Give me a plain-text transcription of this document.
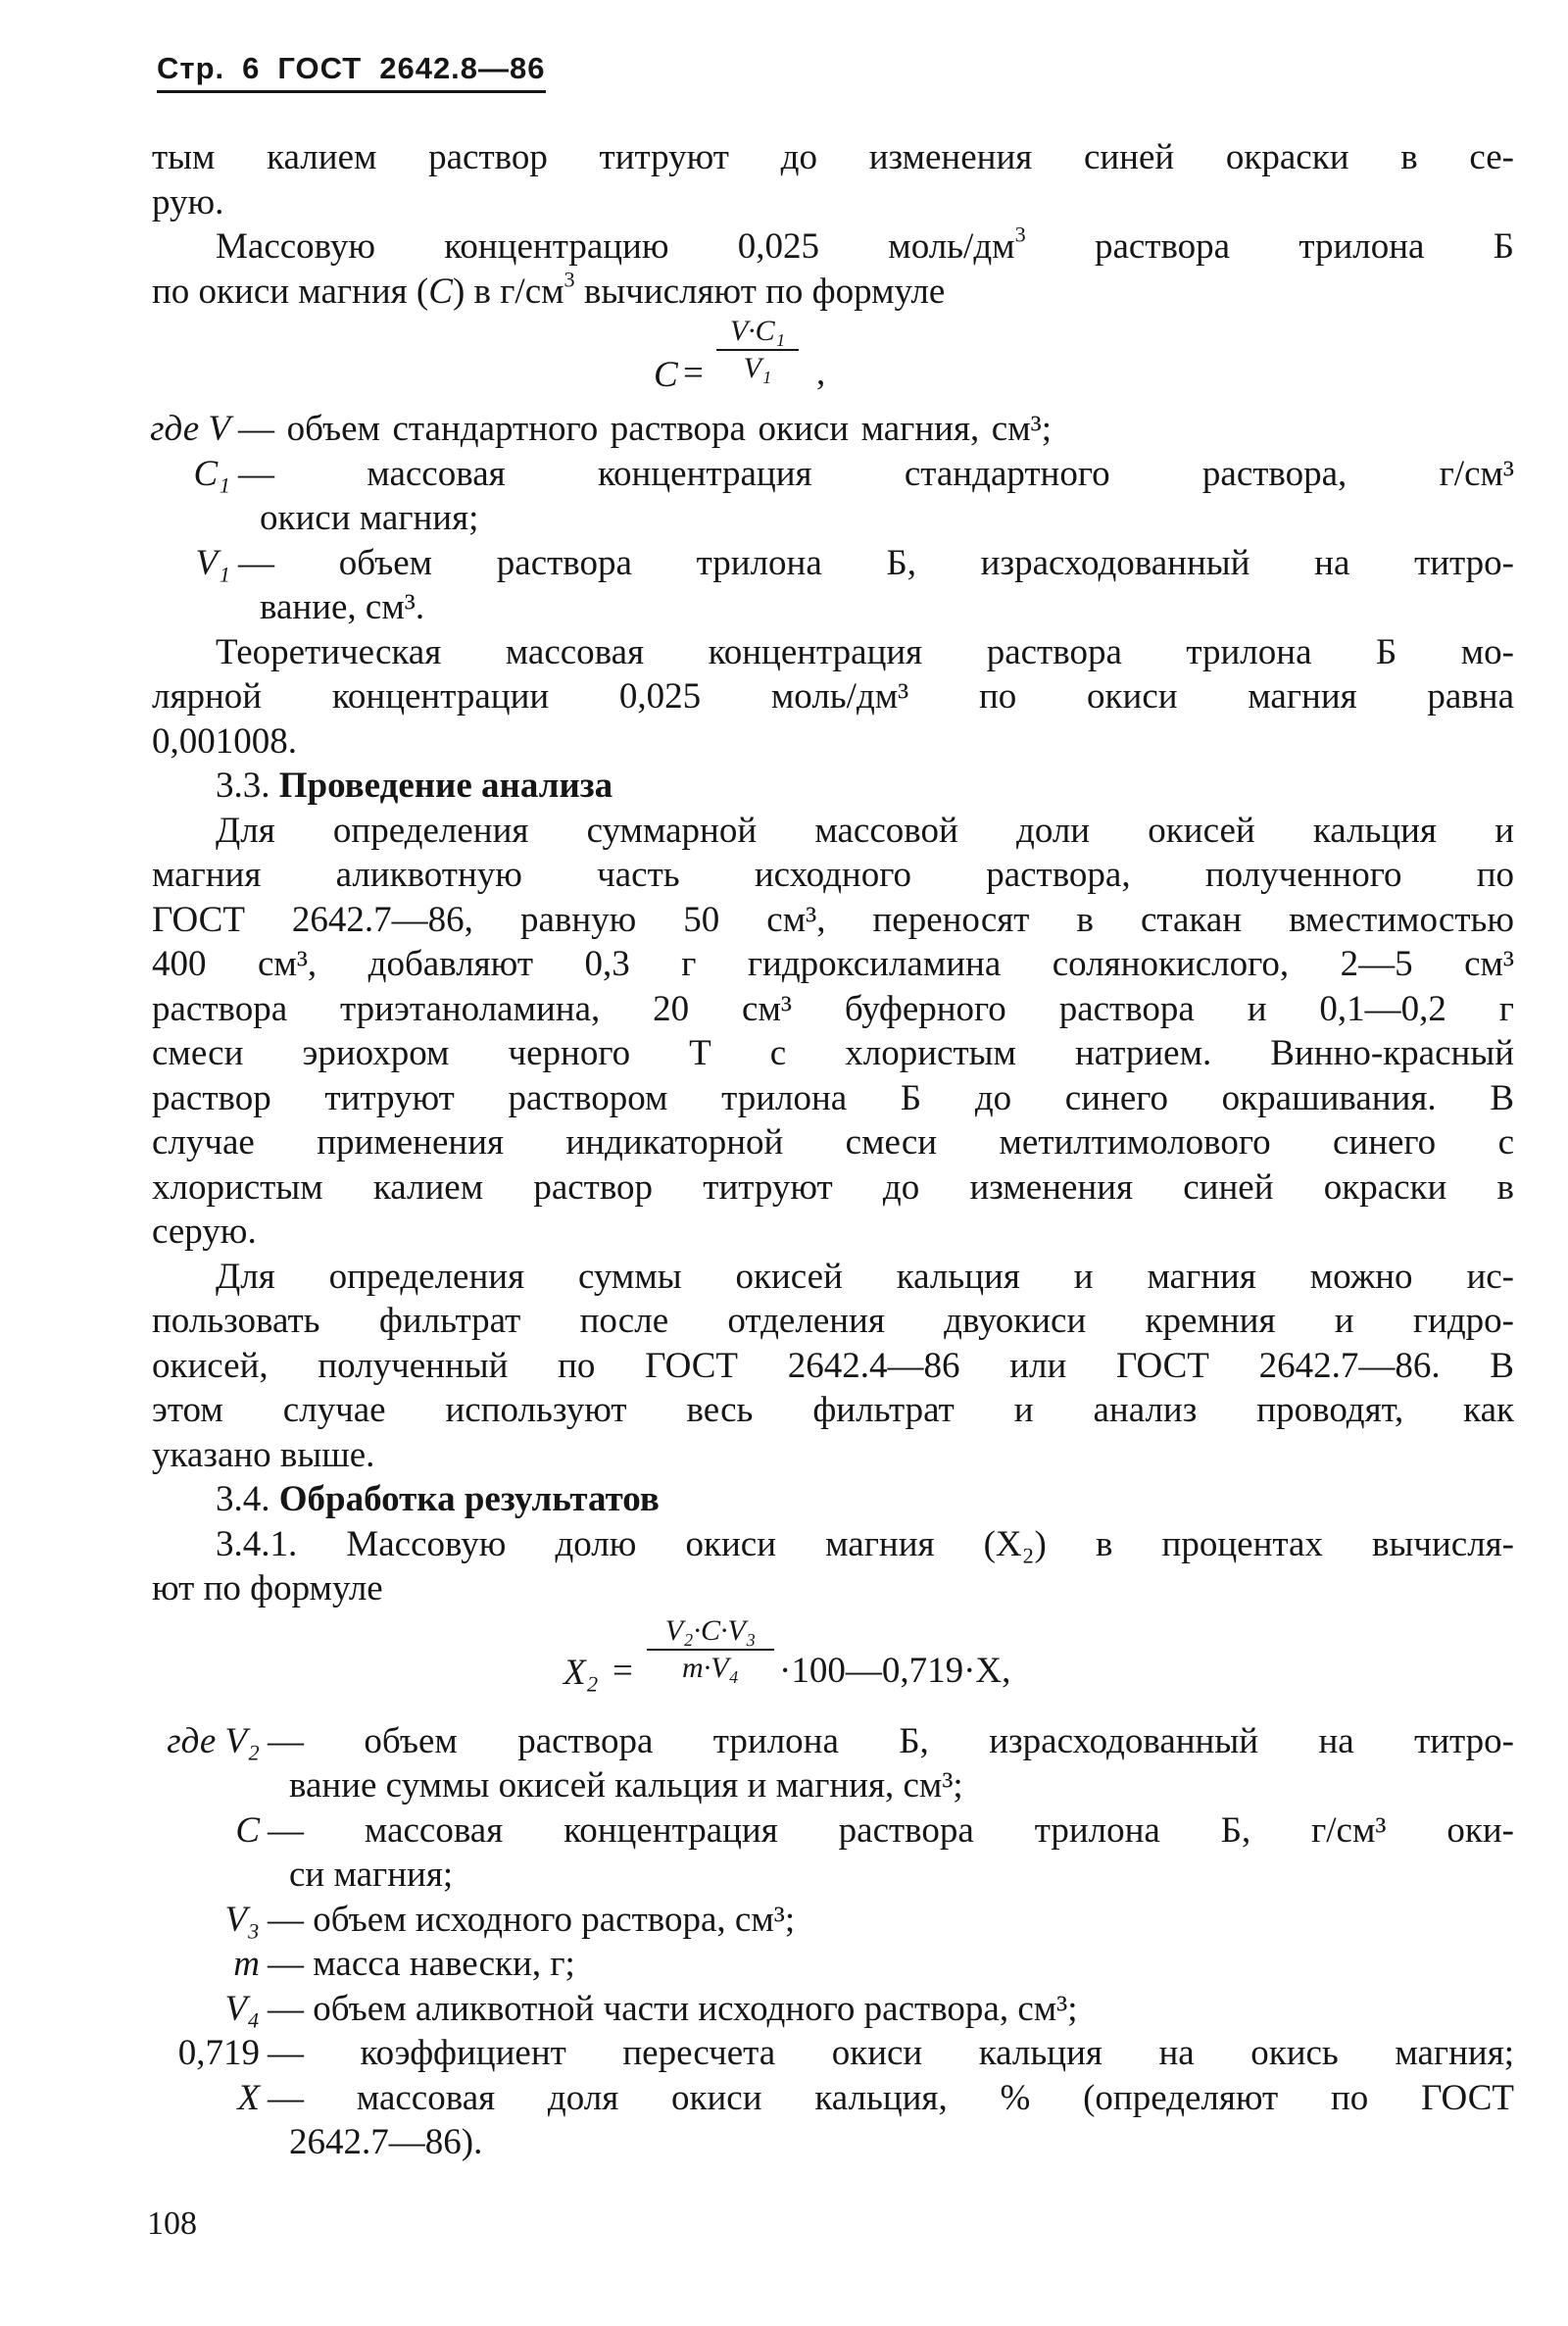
Стр. 6 ГОСТ 2642.8—86
тым калием раствор титруют до изменения синей окраски в се-
рую.
Массовую концентрацию 0,025 моль/$дм^3$ раствора трилона Б
по окиси магния (C) в $г/см^3$ вычисляют по формуле
C =
V·C₁
V₁	,
где V — объем стандартного раствора окиси магния, см³;
C₁ — массовая концентрация стандартного раствора, г/см³
окиси магния;
V₁ — объем раствора трилона Б, израсходованный на титро-
вание, см³.
Теоретическая массовая концентрация раствора трилона Б мо-
лярной концентрации 0,025 моль/дм³ по окиси магния равна
0,001008.
3.3. Проведение анализа
Для определения суммарной массовой доли окисей кальция и
магния аликвотную часть исходного раствора, полученного по
ГОСТ 2642.7—86, равную 50 см³, переносят в стакан вместимостью
400 см³, добавляют 0,3 г гидроксиламина солянокислого, 2—5 см³
раствора триэтаноламина, 20 см³ буферного раствора и 0,1—0,2 г
смеси эриохром черного Т с хлористым натрием. Винно-красный
раствор титруют раствором трилона Б до синего окрашивания. В
случае применения индикаторной смеси метилтимолового синего с
хлористым калием раствор титруют до изменения синей окраски в
серую.
Для определения суммы окисей кальция и магния можно ис-
пользовать фильтрат после отделения двуокиси кремния и гидро-
окисей, полученный по ГОСТ 2642.4—86 или ГОСТ 2642.7—86. В
этом случае используют весь фильтрат и анализ проводят, как
указано выше.
3.4. Обработка результатов
3.4.1. Массовую долю окиси магния (X₂) в процентах вычисля-
ют по формуле
X₂ =
V₂·C·V₃
m·V₄	·100—0,719·X,
где V₂ — объем раствора трилона Б, израсходованный на титро-
вание суммы окисей кальция и магния, см³;
C — массовая концентрация раствора трилона Б, г/см³ оки-
си магния;
V₃ — объем исходного раствора, см³;
m — масса навески, г;
V₄ — объем аликвотной части исходного раствора, см³;
0,719 — коэффициент пересчета окиси кальция на окись магния;
X — массовая доля окиси кальция, % (определяют по ГОСТ
2642.7—86).
108
